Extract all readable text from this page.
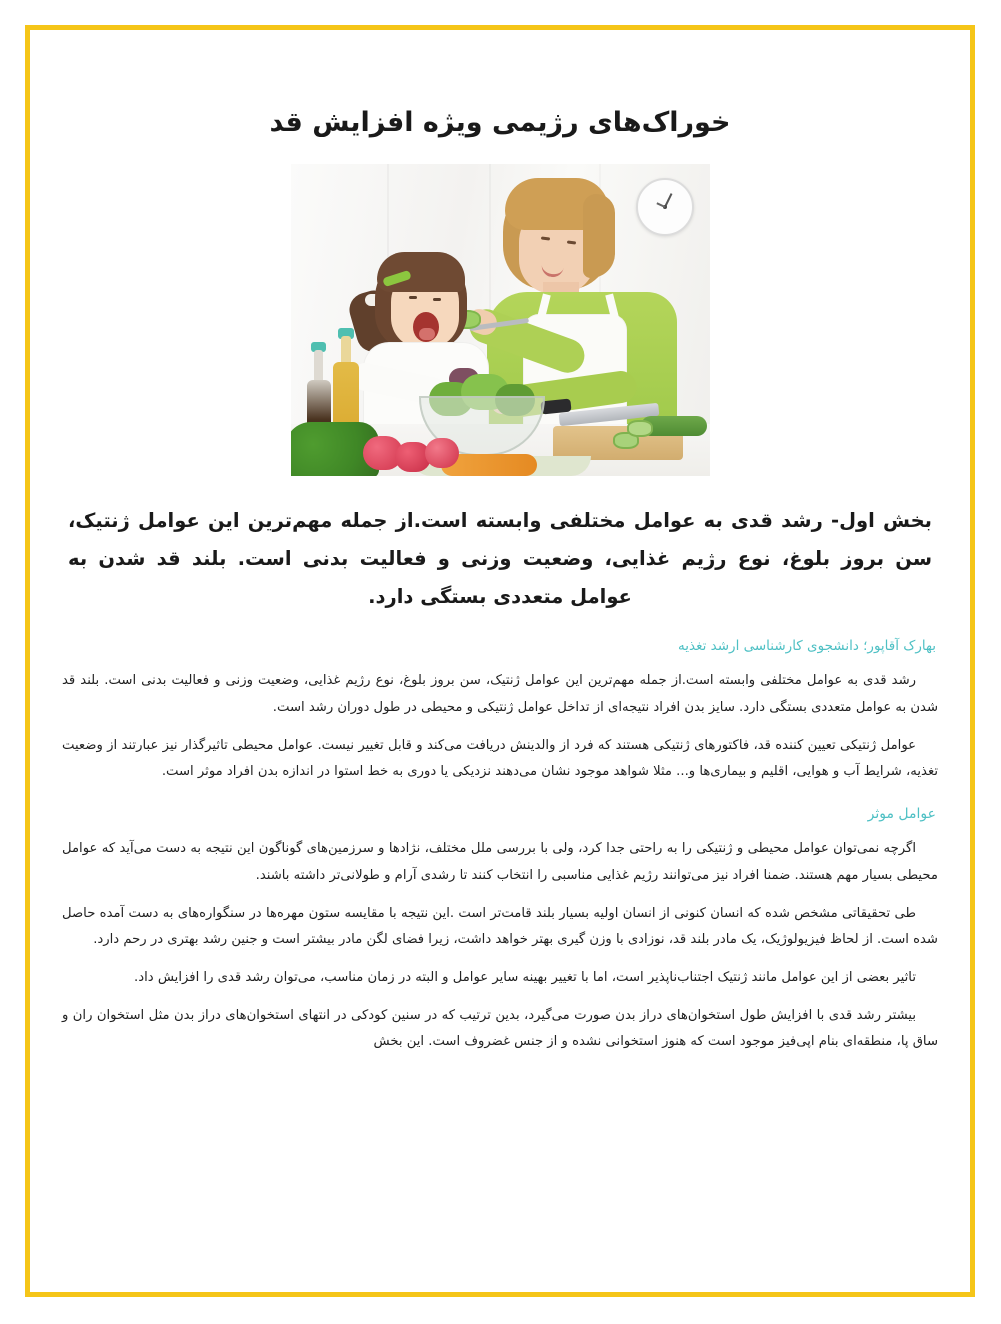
خوراک‌های رژیمی ویژه افزایش قد
بخش اول- رشد قدی به عوامل مختلفی وابسته است.از جمله مهم‌ترین این عوامل ژنتیک، سن بروز بلوغ، نوع رژیم غذایی، وضعیت وزنی و فعالیت بدنی است. بلند قد شدن به عوامل متعددی بستگی دارد.
بهارک آقاپور؛ دانشجوی کارشناسی ارشد تغذیه

رشد قدی به عوامل مختلفی وابسته است.از جمله مهم‌ترین این عوامل ژنتیک، سن بروز بلوغ، نوع رژیم غذایی، وضعیت وزنی و فعالیت بدنی است. بلند قد شدن به عوامل متعددی بستگی دارد. سایز بدن افراد نتیجه‌ای از تداخل عوامل ژنتیکی و محیطی در طول دوران رشد است.

عوامل ژنتیکی تعیین کننده قد، فاکتورهای ژنتیکی هستند که فرد از والدینش دریافت می‌کند و قابل تغییر نیست. عوامل محیطی تاثیرگذار نیز عبارتند از وضعیت تغذیه، شرایط آب و هوایی، اقلیم و بیماری‌ها و... مثلا شواهد موجود نشان می‌دهند نزدیکی یا دوری به خط استوا در اندازه بدن افراد موثر است.

عوامل موثر

اگرچه نمی‌توان عوامل محیطی و ژنتیکی را به راحتی جدا کرد، ولی با بررسی ملل مختلف، نژادها و سرزمین‌های گوناگون این نتیجه به دست می‌آید که عوامل محیطی بسیار مهم هستند. ضمنا افراد نیز می‌توانند رژیم غذایی مناسبی را انتخاب کنند تا رشدی آرام و طولانی‌تر داشته باشند.

طی تحقیقاتی مشخص شده که انسان کنونی از انسان اولیه بسیار بلند قامت‌تر است .این نتیجه با مقایسه ستون مهره‌ها در سنگواره‌های به دست آمده حاصل شده است. از لحاظ فیزیولوژیک، یک مادر بلند قد، نوزادی با وزن گیری بهتر خواهد داشت، زیرا فضای لگن مادر بیشتر است و جنین رشد بهتری در رحم دارد.

تاثیر بعضی از این عوامل مانند ژنتیک اجتناب‌ناپذیر است، اما با تغییر بهینه سایر عوامل و البته در زمان مناسب، می‌توان رشد قدی را افزایش داد.

بیشتر رشد قدی با افزایش طول استخوان‌های دراز بدن صورت می‌گیرد، بدین ترتیب که در سنین کودکی در انتهای استخوان‌های دراز بدن مثل استخوان ران و ساق پا، منطقه‌ای بنام اپی‌فیز موجود است که هنوز استخوانی نشده و از جنس غضروف است. این بخش
